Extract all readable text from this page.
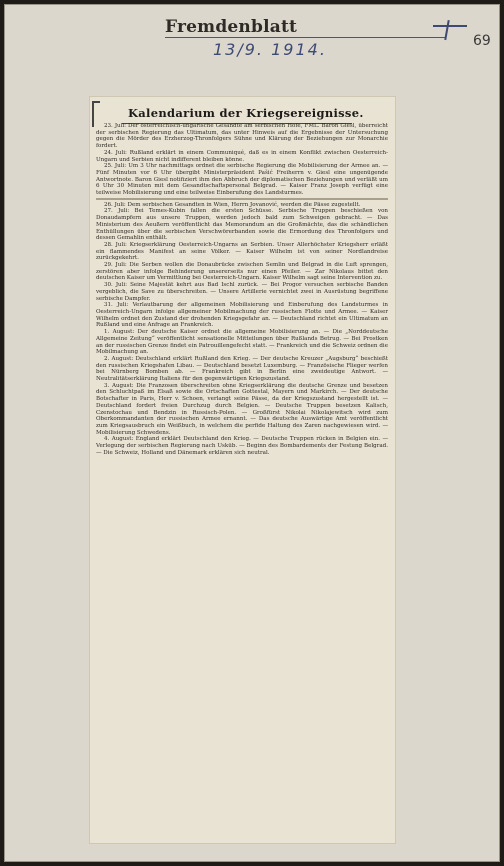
Fremdenblatt
13/9. 1914.	69
Kalendarium der Kriegsereignisse.

23. Juli: Der österreichisch-ungarische Gesandte am serbischen Hofe, FML. Baron Giesl, überreicht der serbischen Regierung das Ultimatum, das unter Hinweis auf die Ergebnisse der Untersuchung gegen die Mörder des Erzherzog-Thronfolgers Sühne und Klärung der Beziehungen zur Monarchie fordert.

24. Juli: Rußland erklärt in einem Communiqué, daß es in einem Konflikt zwischen Oesterreich-Ungarn und Serbien nicht indifferent bleiben könne.

25. Juli: Um 3 Uhr nachmittags ordnet die serbische Regierung die Mobilisierung der Armee an. — Fünf Minuten vor 6 Uhr übergibt Ministerpräsident Pašić Freiherrn v. Giesl eine ungenügende Antwortnote. Baron Giesl notifiziert ihm den Abbruch der diplomatischen Beziehungen und verläßt um 6 Uhr 30 Minuten mit dem Gesandtschaftspersonal Belgrad. — Kaiser Franz Joseph verfügt eine teilweise Mobilisierung und eine teilweise Einberufung des Landsturmes.

26. Juli: Dem serbischen Gesandten in Wien, Herrn Jovanović, werden die Pässe zugestellt.

27. Juli: Bei Temes-Kubin fallen die ersten Schüsse. Serbische Truppen beschießen von Donaudampfern aus unsere Truppen, werden jedoch bald zum Schweigen gebracht. — Das Ministerium des Aeußern veröffentlicht das Memorandum an die Großmächte, das die schändlichen Enthüllungen über die serbischen Verschwörerbanden sowie die Ermordung des Thronfolgers und dessen Gemahlin enthält.

28. Juli: Kriegserklärung Oesterreich-Ungarns an Serbien. Unser Allerhöchster Kriegsherr erläßt ein flammendes Manifest an seine Völker. — Kaiser Wilhelm ist von seiner Nordlandreise zurückgekehrt.

29. Juli: Die Serben wollen die Donaubrücke zwischen Semlin und Belgrad in die Luft sprengen, zerstören aber infolge Behinderung unsererseits nur einen Pfeiler. — Zar Nikolaus bittet den deutschen Kaiser um Vermittlung bei Oesterreich-Ungarn. Kaiser Wilhelm sagt seine Intervention zu.

30. Juli: Seine Majestät kehrt aus Bad Ischl zurück. — Bei Progor versuchen serbische Banden vergeblich, die Save zu überschreiten. — Unsere Artillerie vernichtet zwei in Ausrüstung begriffene serbische Dampfer.

31. Juli: Verlautbarung der allgemeinen Mobilisierung und Einberufung des Landsturmes in Oesterreich-Ungarn infolge allgemeiner Mobilmachung der russischen Flotte und Armee. — Kaiser Wilhelm ordnet den Zustand der drohenden Kriegsgefahr an. — Deutschland richtet ein Ultimatum an Rußland und eine Anfrage an Frankreich.

1. August: Der deutsche Kaiser ordnet die allgemeine Mobilisierung an. — Die „Norddeutsche Allgemeine Zeitung“ veröffentlicht sensationelle Mitteilungen über Rußlands Betrug. — Bei Prostken an der russischen Grenze findet ein Patrouillengefecht statt. — Frankreich und die Schweiz ordnen die Mobilmachung an.

2. August: Deutschland erklärt Rußland den Krieg. — Der deutsche Kreuzer „Augsburg“ beschießt den russischen Kriegshafen Libau. — Deutschland besetzt Luxemburg. — Französische Flieger werfen bei Nürnberg Bomben ab. — Frankreich gibt in Berlin eine zweideutige Antwort. — Neutralitätserklärung Italiens für den gegenwärtigen Kriegszustand.

3. August: Die Franzosen überschreiten ohne Kriegserklärung die deutsche Grenze und besetzen den Schluchtpaß im Elsaß sowie die Ortschaften Gottestal, Mayern und Markirch. — Der deutsche Botschafter in Paris, Herr v. Schoen, verlangt seine Pässe, da der Kriegszustand hergestellt ist. — Deutschland fordert freien Durchzug durch Belgien. — Deutsche Truppen besetzen Kalisch, Czenstochau und Bendzin in Russisch-Polen. — Großfürst Nikolai Nikolajewitsch wird zum Oberkommandanten der russischen Armee ernannt. — Das deutsche Auswärtige Amt veröffentlicht zum Kriegsausbruch ein Weißbuch, in welchem die perfide Haltung des Zaren nachgewiesen wird. — Mobilisierung Schwedens.

4. August: England erklärt Deutschland den Krieg. — Deutsche Truppen rücken in Belgien ein. — Verlegung der serbischen Regierung nach Usküb. — Beginn des Bombardements der Festung Belgrad. — Die Schweiz, Holland und Dänemark erklären sich neutral.
